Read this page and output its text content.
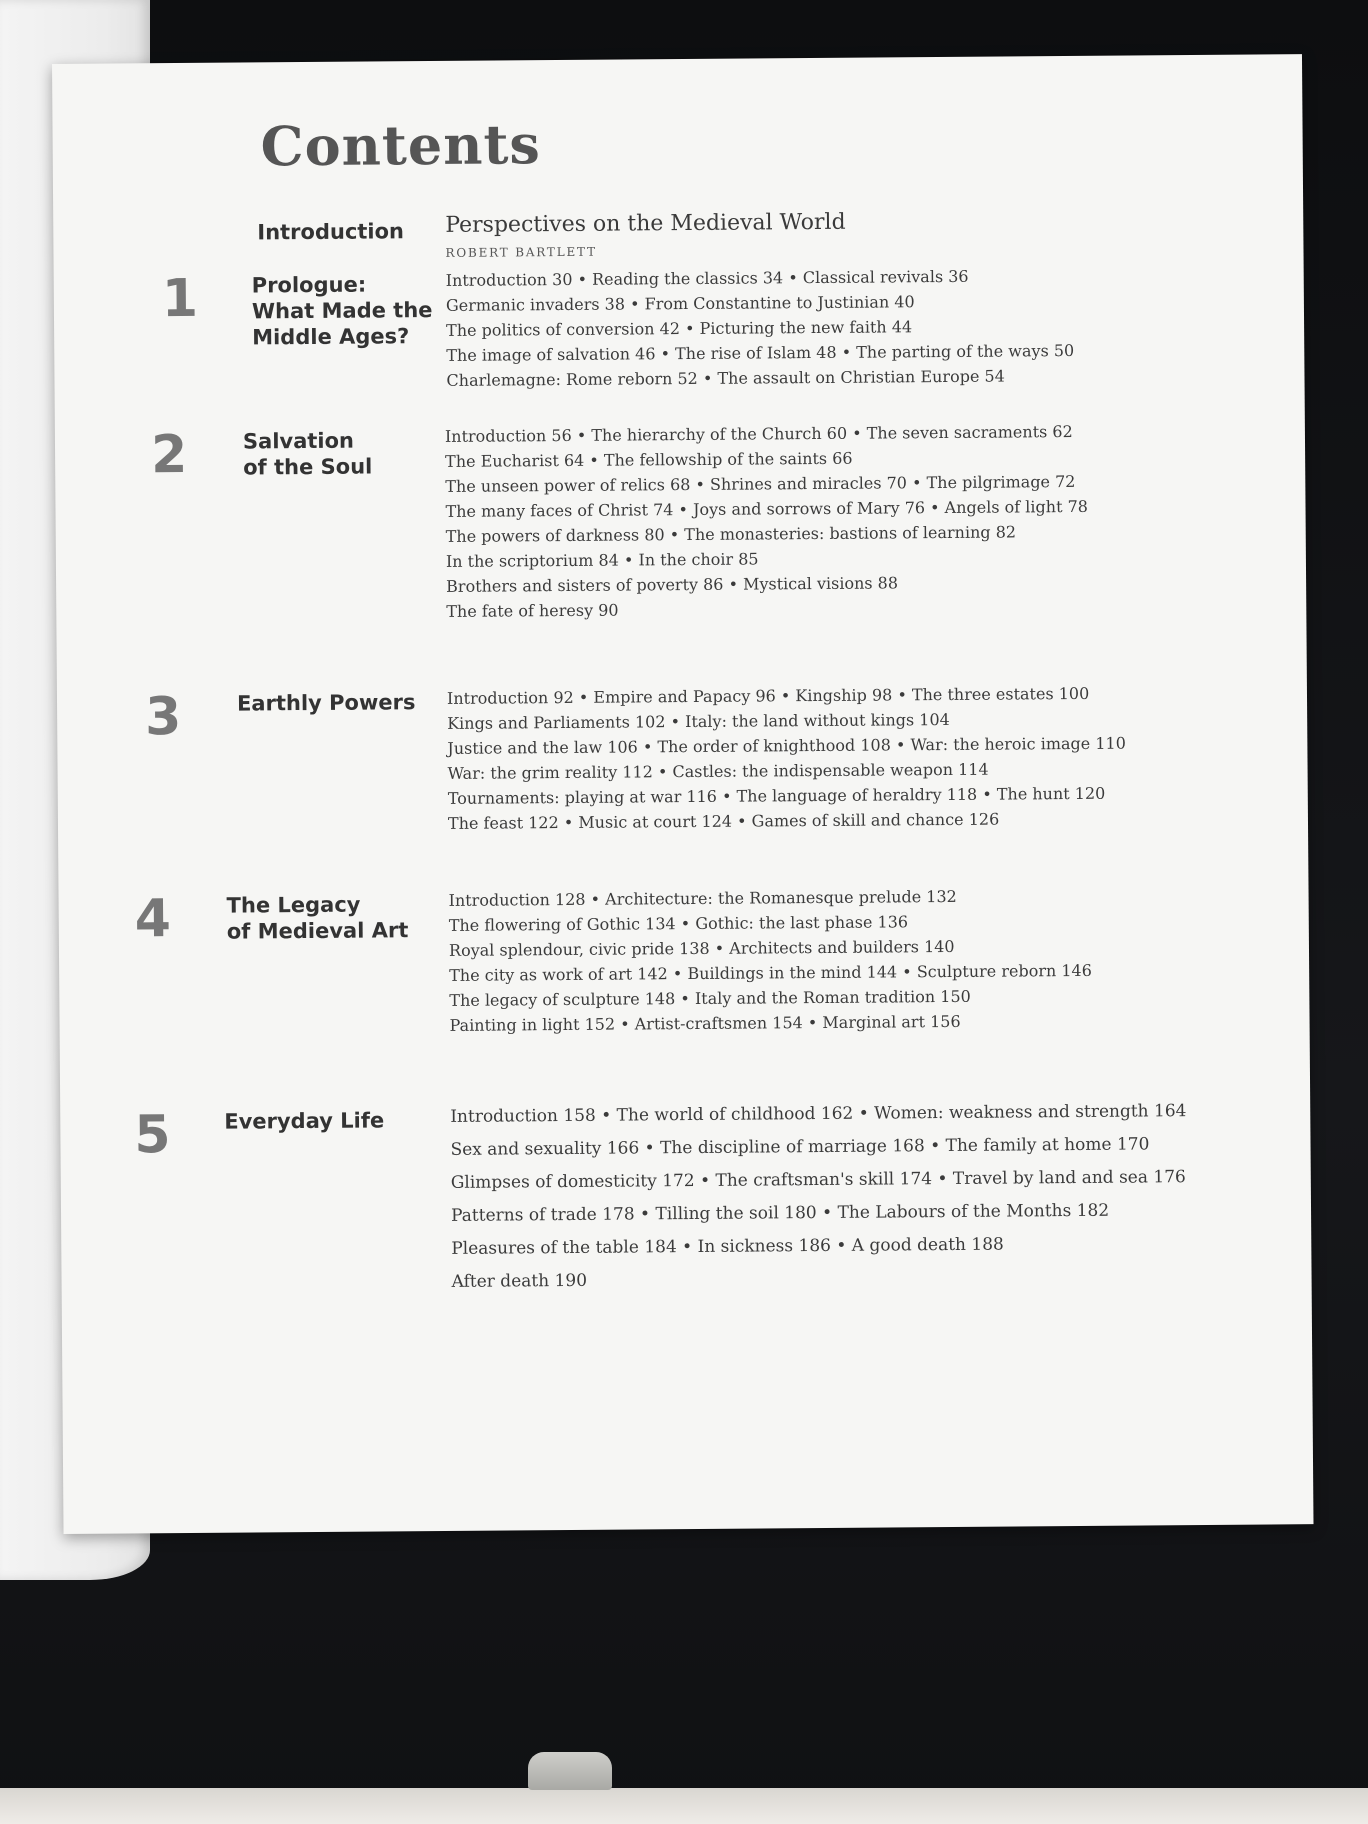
Contents
Introduction Perspectives on the Medieval World
ROBERT BARTLETT
1	Prologue:
What Made the
Middle Ages?
Introduction 30 • Reading the classics 34 • Classical revivals 36
Germanic invaders 38 • From Constantine to Justinian 40
The politics of conversion 42 • Picturing the new faith 44
The image of salvation 46 • The rise of Islam 48 • The parting of the ways 50
Charlemagne: Rome reborn 52 • The assault on Christian Europe 54
2	Salvation
of the Soul
Introduction 56 • The hierarchy of the Church 60 • The seven sacraments 62
The Eucharist 64 • The fellowship of the saints 66
The unseen power of relics 68 • Shrines and miracles 70 • The pilgrimage 72
The many faces of Christ 74 • Joys and sorrows of Mary 76 • Angels of light 78
The powers of darkness 80 • The monasteries: bastions of learning 82
In the scriptorium 84 • In the choir 85
Brothers and sisters of poverty 86 • Mystical visions 88
The fate of heresy 90
3	Earthly Powers Introduction 92 • Empire and Papacy 96 • Kingship 98 • The three estates 100
Kings and Parliaments 102 • Italy: the land without kings 104
Justice and the law 106 • The order of knighthood 108 • War: the heroic image 110
War: the grim reality 112 • Castles: the indispensable weapon 114
Tournaments: playing at war 116 • The language of heraldry 118 • The hunt 120
The feast 122 • Music at court 124 • Games of skill and chance 126
4	The Legacy
of Medieval Art
Introduction 128 • Architecture: the Romanesque prelude 132
The flowering of Gothic 134 • Gothic: the last phase 136
Royal splendour, civic pride 138 • Architects and builders 140
The city as work of art 142 • Buildings in the mind 144 • Sculpture reborn 146
The legacy of sculpture 148 • Italy and the Roman tradition 150
Painting in light 152 • Artist-craftsmen 154 • Marginal art 156
5	Everyday Life	Introduction 158 • The world of childhood 162 • Women: weakness and strength 164
Sex and sexuality 166 • The discipline of marriage 168 • The family at home 170
Glimpses of domesticity 172 • The craftsman's skill 174 • Travel by land and sea 176
Patterns of trade 178 • Tilling the soil 180 • The Labours of the Months 182
Pleasures of the table 184 • In sickness 186 • A good death 188
After death 190
